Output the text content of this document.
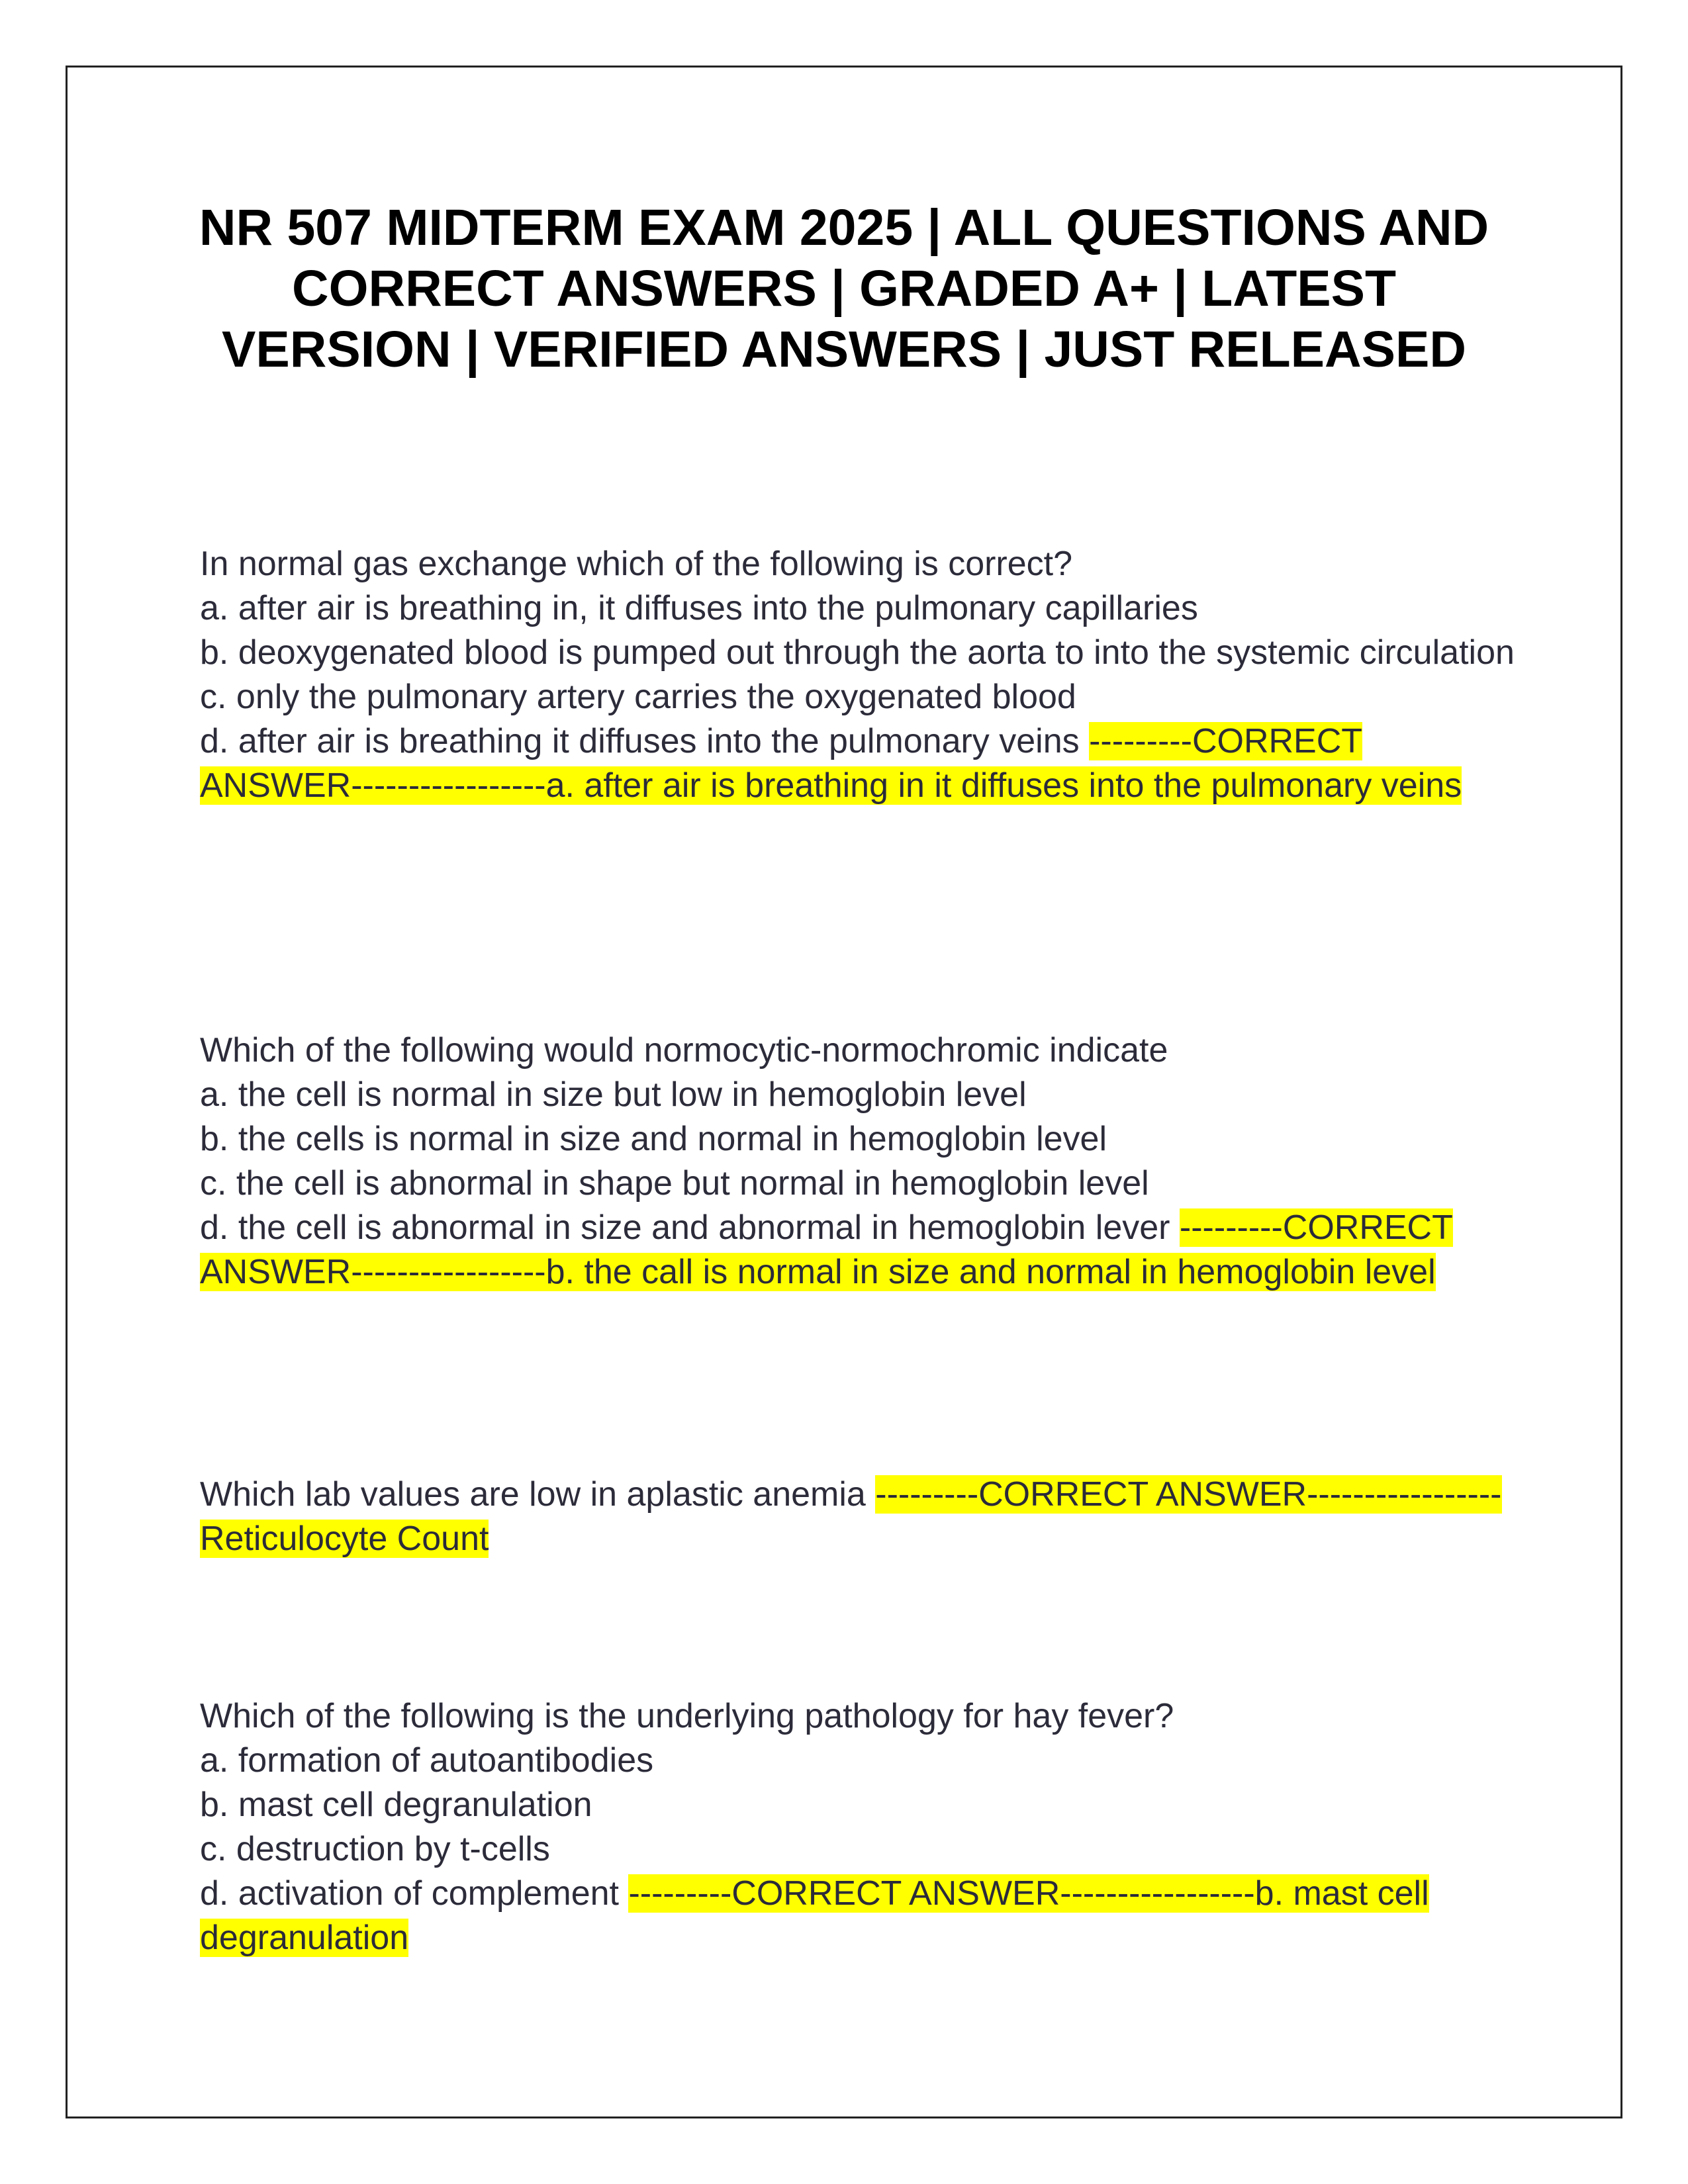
NR 507 MIDTERM EXAM 2025 | ALL QUESTIONS AND CORRECT ANSWERS | GRADED A+ | LATEST VERSION | VERIFIED ANSWERS | JUST RELEASED
In normal gas exchange which of the following is correct?
a. after air is breathing in, it diffuses into the pulmonary capillaries
b. deoxygenated blood is pumped out through the aorta to into the systemic circulation
c. only the pulmonary artery carries the oxygenated blood
d. after air is breathing it diffuses into the pulmonary veins ---------CORRECT ANSWER-----------------a. after air is breathing in it diffuses into the pulmonary veins
Which of the following would normocytic-normochromic indicate
a. the cell is normal in size but low in hemoglobin level
b. the cells is normal in size and normal in hemoglobin level
c. the cell is abnormal in shape but normal in hemoglobin level
d. the cell is abnormal in size and abnormal in hemoglobin lever ---------CORRECT ANSWER-----------------b. the call is normal in size and normal in hemoglobin level
Which lab values are low in aplastic anemia ---------CORRECT ANSWER-----------------Reticulocyte Count
Which of the following is the underlying pathology for hay fever?
a. formation of autoantibodies
b. mast cell degranulation
c. destruction by t-cells
d. activation of complement ---------CORRECT ANSWER-----------------b. mast cell degranulation
